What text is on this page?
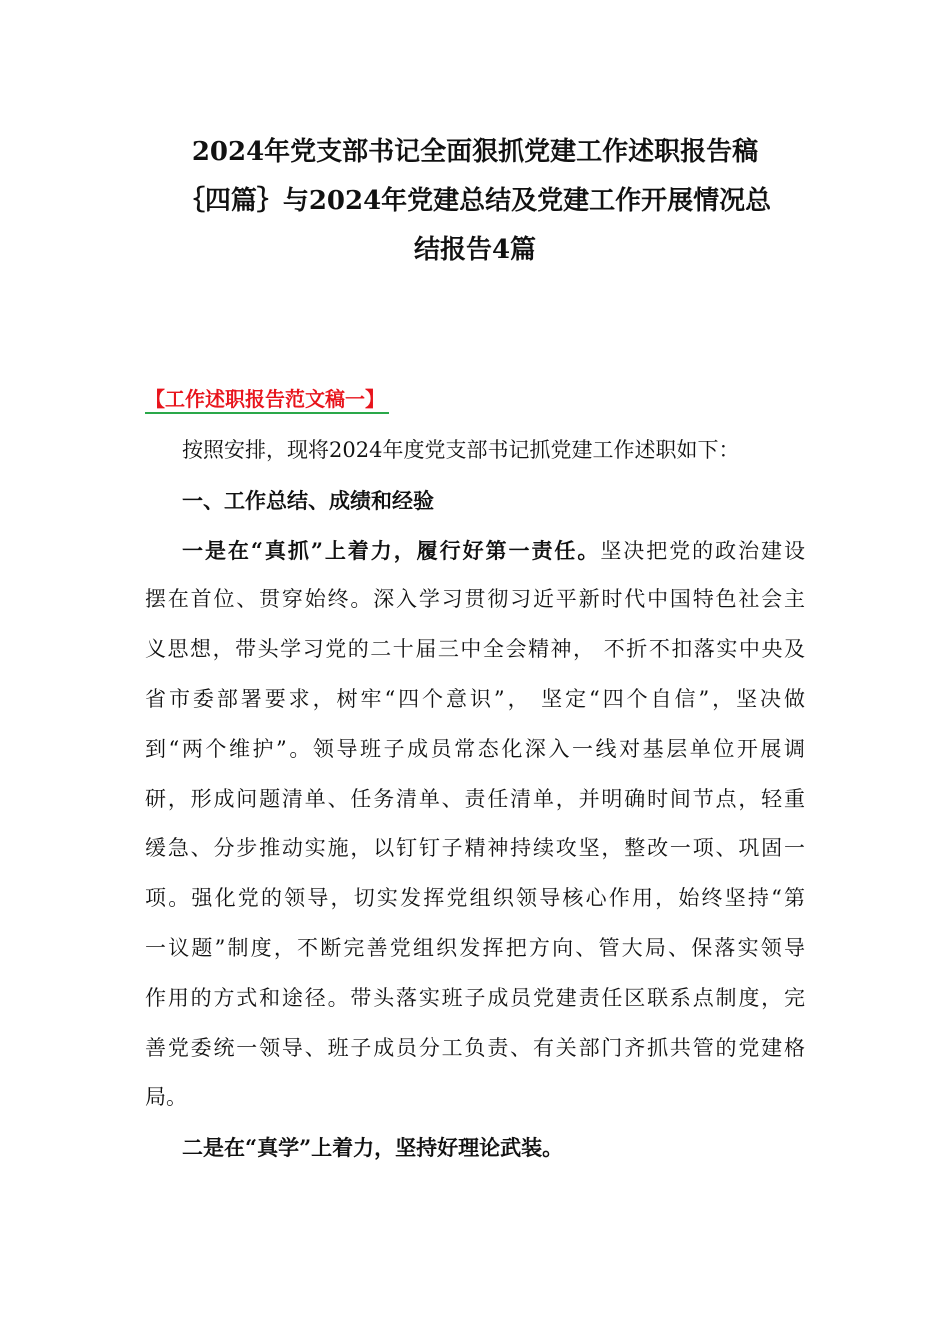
2024年党支部书记全面狠抓党建工作述职报告稿
｛四篇｝与2024年党建总结及党建工作开展情况总
结报告4篇
【工作述职报告范文稿一】
按照安排，现将2024年度党支部书记抓党建工作述职如下：
一、工作总结、成绩和经验
一是在“真抓”上着力，履行好第一责任。坚决把党的政治建设
摆在首位、贯穿始终。深入学习贯彻习近平新时代中国特色社会主
义思想，带头学习党的二十届三中全会精神， 不折不扣落实中央及
省市委部署要求，树牢“四个意识”， 坚定“四个自信”，坚决做
到“两个维护”。领导班子成员常态化深入一线对基层单位开展调
研，形成问题清单、任务清单、责任清单，并明确时间节点，轻重
缓急、分步推动实施，以钉钉子精神持续攻坚，整改一项、巩固一
项。强化党的领导，切实发挥党组织领导核心作用，始终坚持“第
一议题”制度，不断完善党组织发挥把方向、管大局、保落实领导
作用的方式和途径。带头落实班子成员党建责任区联系点制度，完
善党委统一领导、班子成员分工负责、有关部门齐抓共管的党建格
局。
二是在“真学”上着力，坚持好理论武装。
